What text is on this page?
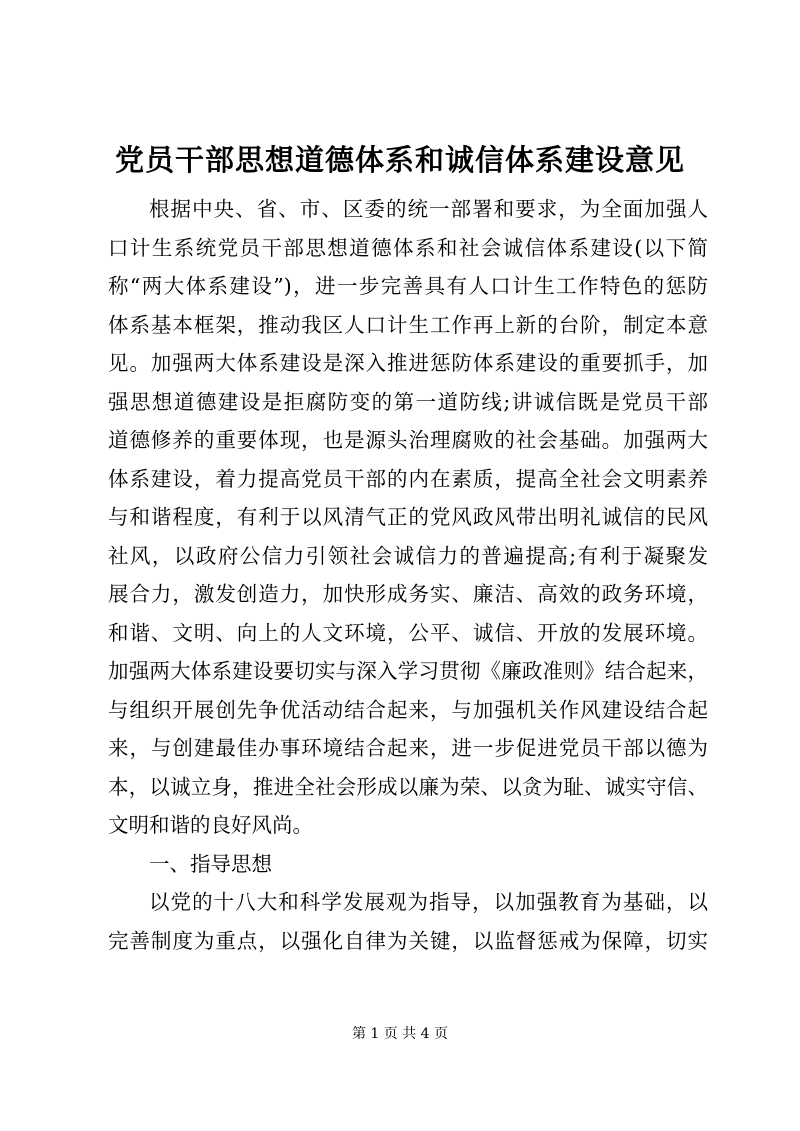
党员干部思想道德体系和诚信体系建设意见
根据中央、省、市、区委的统一部署和要求，为全面加强人
口计生系统党员干部思想道德体系和社会诚信体系建设(以下简
称“两大体系建设”)，进一步完善具有人口计生工作特色的惩防
体系基本框架，推动我区人口计生工作再上新的台阶，制定本意
见。加强两大体系建设是深入推进惩防体系建设的重要抓手，加
强思想道德建设是拒腐防变的第一道防线;讲诚信既是党员干部
道德修养的重要体现，也是源头治理腐败的社会基础。加强两大
体系建设，着力提高党员干部的内在素质，提高全社会文明素养
与和谐程度，有利于以风清气正的党风政风带出明礼诚信的民风
社风，以政府公信力引领社会诚信力的普遍提高;有利于凝聚发
展合力，激发创造力，加快形成务实、廉洁、高效的政务环境，
和谐、文明、向上的人文环境，公平、诚信、开放的发展环境。
加强两大体系建设要切实与深入学习贯彻《廉政准则》结合起来，
与组织开展创先争优活动结合起来，与加强机关作风建设结合起
来，与创建最佳办事环境结合起来，进一步促进党员干部以德为
本，以诚立身，推进全社会形成以廉为荣、以贪为耻、诚实守信、
文明和谐的良好风尚。
一、指导思想
以党的十八大和科学发展观为指导，以加强教育为基础，以
完善制度为重点，以强化自律为关键，以监督惩戒为保障，切实
第 1 页 共 4 页
